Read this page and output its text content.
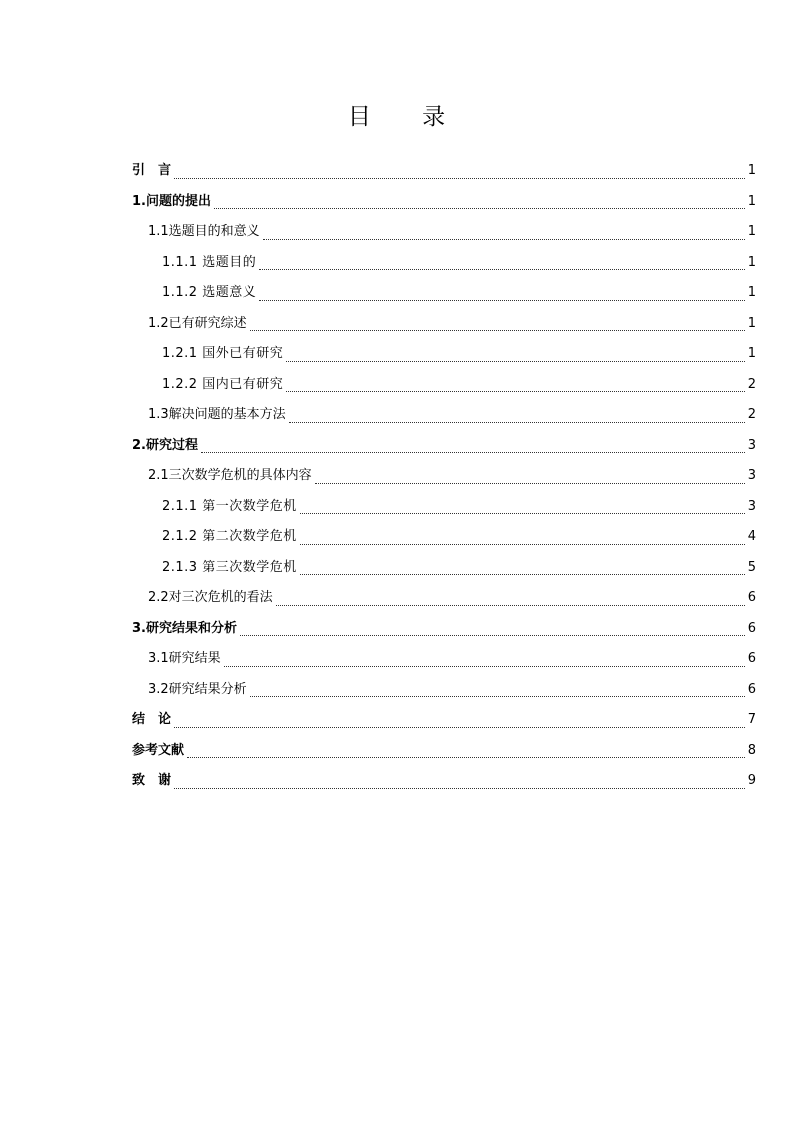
目 录
引　言	1
1.问题的提出	1
1.1选题目的和意义	1
1.1.1 选题目的	1
1.1.2 选题意义	1
1.2已有研究综述	1
1.2.1 国外已有研究	1
1.2.2 国内已有研究	2
1.3解决问题的基本方法	2
2.研究过程	3
2.1三次数学危机的具体内容	3
2.1.1 第一次数学危机	3
2.1.2 第二次数学危机	4
2.1.3 第三次数学危机	5
2.2对三次危机的看法	6
3.研究结果和分析	6
3.1研究结果	6
3.2研究结果分析	6
结　论	7
参考文献	8
致　谢	9
